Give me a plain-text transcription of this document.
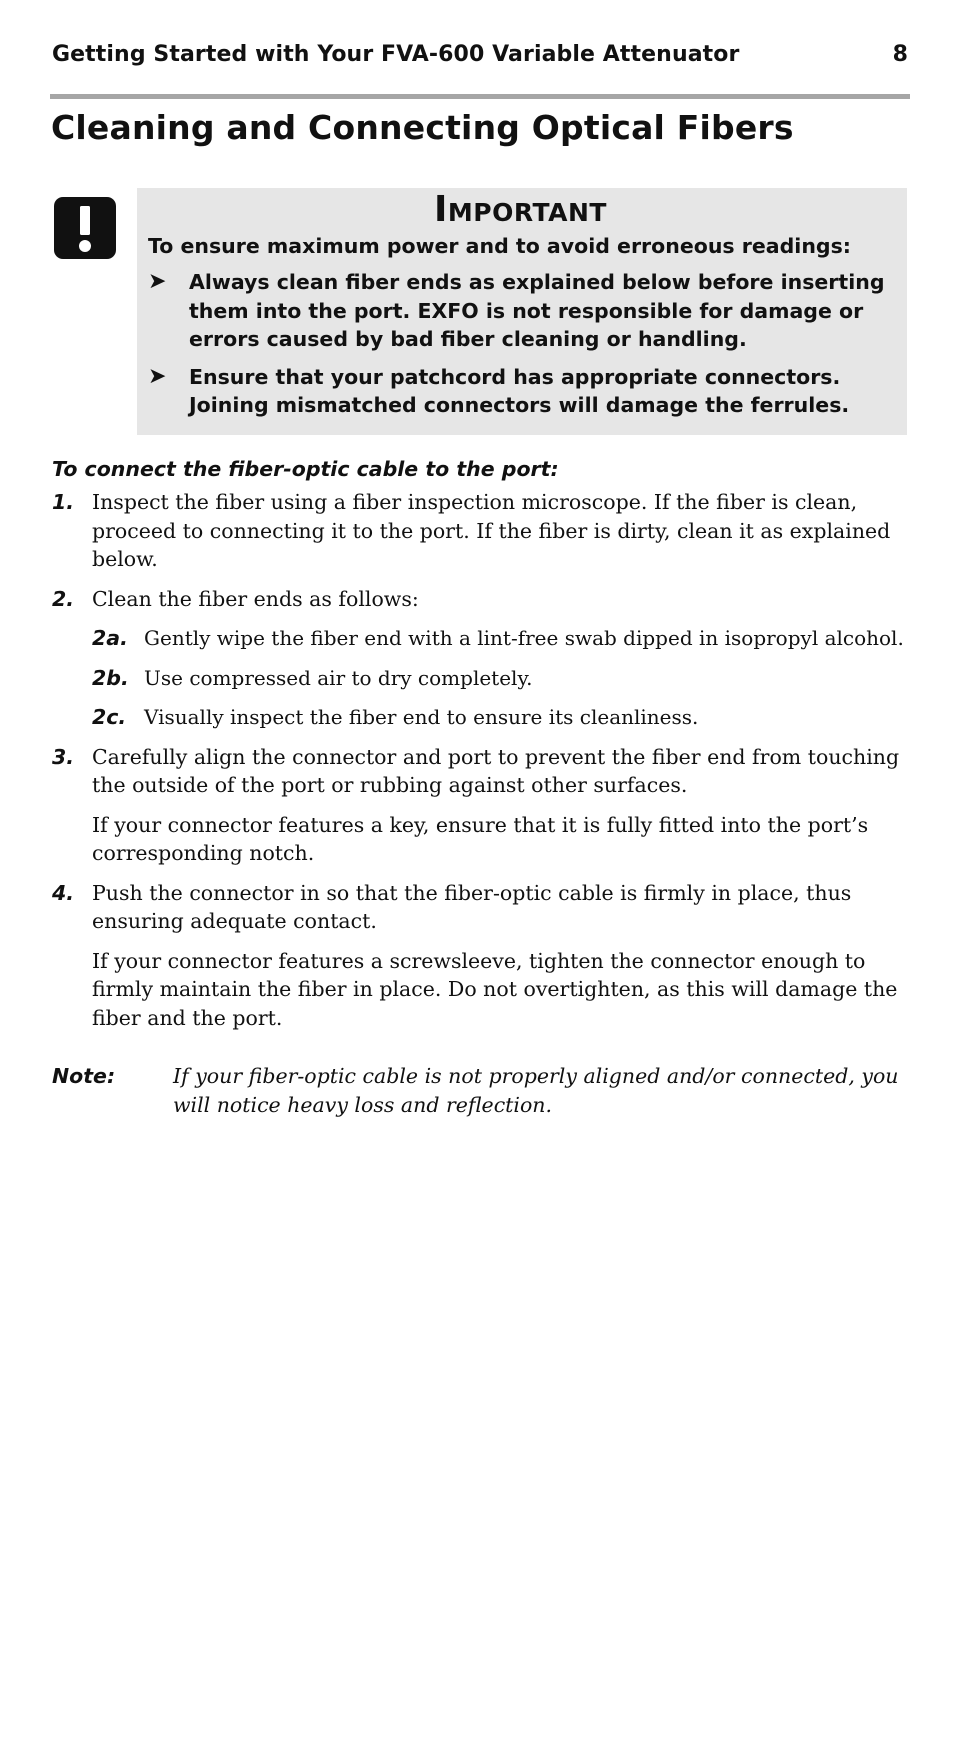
Getting Started with Your FVA-600 Variable Attenuator	8
Cleaning and Connecting Optical Fibers

Important

To ensure maximum power and to avoid erroneous readings:

➤	Always clean fiber ends as explained below before inserting them into the port. EXFO is not responsible for damage or errors caused by bad fiber cleaning or handling.
➤	Ensure that your patchcord has appropriate connectors. Joining mismatched connectors will damage the ferrules.

To connect the fiber-optic cable to the port:

1. Inspect the fiber using a fiber inspection microscope. If the fiber is clean, proceed to connecting it to the port. If the fiber is dirty, clean it as explained below.

2. Clean the fiber ends as follows:

2a. Gently wipe the fiber end with a lint-free swab dipped in isopropyl alcohol.
2b. Use compressed air to dry completely.
2c. Visually inspect the fiber end to ensure its cleanliness.
3. Carefully align the connector and port to prevent the fiber end from touching the outside of the port or rubbing against other surfaces.

If your connector features a key, ensure that it is fully fitted into the port’s corresponding notch.

4. Push the connector in so that the fiber-optic cable is firmly in place, thus ensuring adequate contact.

If your connector features a screwsleeve, tighten the connector enough to firmly maintain the fiber in place. Do not overtighten, as this will damage the fiber and the port.

Note:	If your fiber-optic cable is not properly aligned and/or connected, you will notice heavy loss and reflection.
